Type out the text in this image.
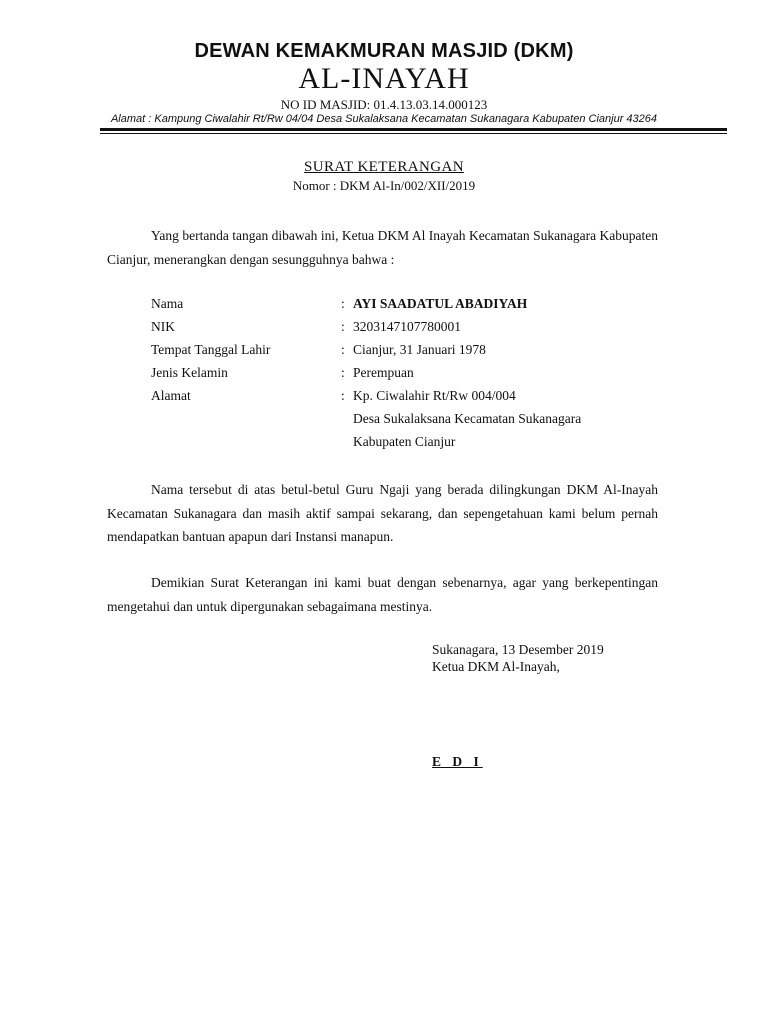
DEWAN KEMAKMURAN MASJID (DKM)
AL-INAYAH
NO ID MASJID: 01.4.13.03.14.000123
Alamat : Kampung Ciwalahir Rt/Rw 04/04 Desa Sukalaksana Kecamatan Sukanagara Kabupaten Cianjur 43264
SURAT KETERANGAN
Nomor : DKM Al-In/002/XII/2019

Yang bertanda tangan dibawah ini, Ketua DKM Al Inayah Kecamatan Sukanagara Kabupaten Cianjur, menerangkan dengan sesungguhnya bahwa :

Nama	: AYI SAADATUL ABADIYAH
NIK	: 3203147107780001
Tempat Tanggal Lahir	: Cianjur, 31 Januari 1978
Jenis Kelamin	: Perempuan
Alamat	: Kp. Ciwalahir Rt/Rw 004/004
Desa Sukalaksana Kecamatan Sukanagara
Kabupaten Cianjur

Nama tersebut di atas betul-betul Guru Ngaji yang berada dilingkungan DKM Al-Inayah Kecamatan Sukanagara dan masih aktif sampai sekarang, dan sepengetahuan kami belum pernah mendapatkan bantuan apapun dari Instansi manapun.

Demikian Surat Keterangan ini kami buat dengan sebenarnya, agar yang berkepentingan mengetahui dan untuk dipergunakan sebagaimana mestinya.

Sukanagara, 13 Desember 2019
Ketua DKM Al-Inayah,
E D I
